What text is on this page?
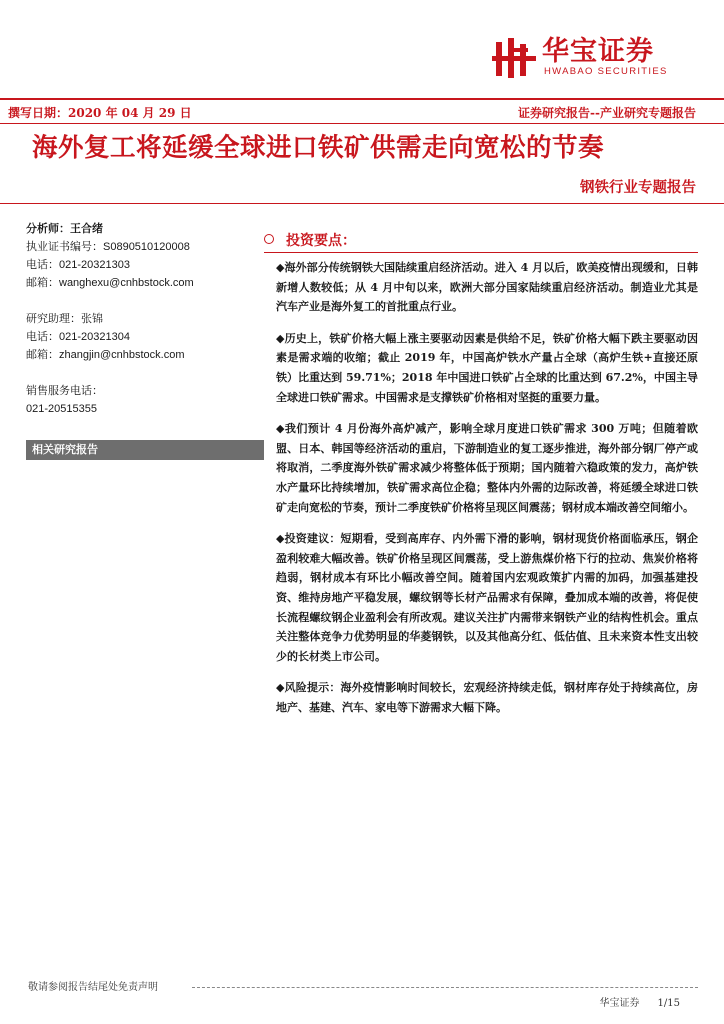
华宝证券
HWABAO SECURITIES
撰写日期：2020 年 04 月 29 日	证券研究报告--产业研究专题报告
海外复工将延缓全球进口铁矿供需走向宽松的节奏
钢铁行业专题报告
分析师：王合绪
执业证书编号：S0890510120008
电话：021-20321303
邮箱：wanghexu@cnhbstock.com
研究助理：张锦
电话：021-20321304
邮箱：zhangjin@cnhbstock.com
销售服务电话：
021-20515355
相关研究报告
投资要点：

◆海外部分传统钢铁大国陆续重启经济活动。进入 4 月以后，欧美疫情出现缓和，日韩新增人数较低；从 4 月中旬以来，欧洲大部分国家陆续重启经济活动。制造业尤其是汽车产业是海外复工的首批重点行业。

◆历史上，铁矿价格大幅上涨主要驱动因素是供给不足，铁矿价格大幅下跌主要驱动因素是需求端的收缩；截止 2019 年，中国高炉铁水产量占全球（高炉生铁+直接还原铁）比重达到 59.71%；2018 年中国进口铁矿占全球的比重达到 67.2%，中国主导全球进口铁矿需求。中国需求是支撑铁矿价格相对坚挺的重要力量。

◆我们预计 4 月份海外高炉减产，影响全球月度进口铁矿需求 300 万吨；但随着欧盟、日本、韩国等经济活动的重启，下游制造业的复工逐步推进，海外部分钢厂停产或将取消，二季度海外铁矿需求减少将整体低于预期；国内随着六稳政策的发力，高炉铁水产量环比持续增加，铁矿需求高位企稳；整体内外需的边际改善，将延缓全球进口铁矿走向宽松的节奏，预计二季度铁矿价格将呈现区间震荡；钢材成本端改善空间缩小。

◆投资建议：短期看，受到高库存、内外需下滑的影响，钢材现货价格面临承压，钢企盈利较难大幅改善。铁矿价格呈现区间震荡，受上游焦煤价格下行的拉动、焦炭价格将趋弱，钢材成本有环比小幅改善空间。随着国内宏观政策扩内需的加码，加强基建投资、维持房地产平稳发展，螺纹钢等长材产品需求有保障，叠加成本端的改善，将促使长流程螺纹钢企业盈利会有所改观。建议关注扩内需带来钢铁产业的结构性机会。重点关注整体竞争力优势明显的华菱钢铁，以及其他高分红、低估值、且未来资本性支出较少的长材类上市公司。

◆风险提示：海外疫情影响时间较长，宏观经济持续走低，钢材库存处于持续高位，房地产、基建、汽车、家电等下游需求大幅下降。

敬请参阅报告结尾处免责声明
华宝证券 1/15
